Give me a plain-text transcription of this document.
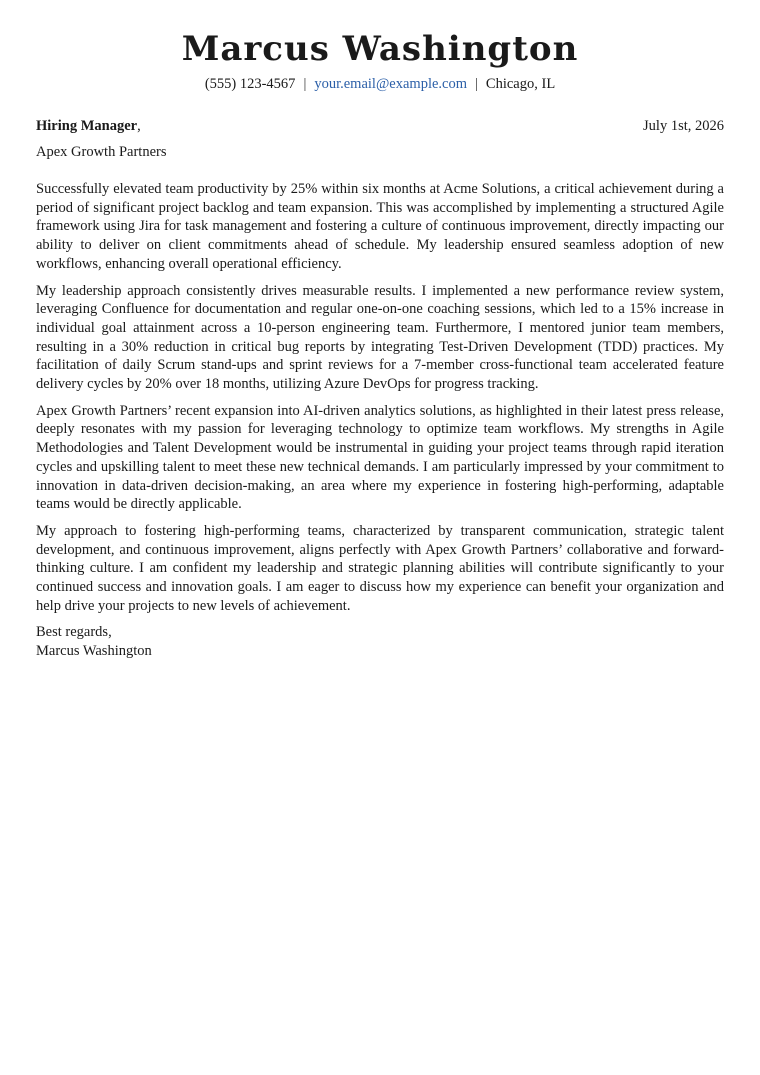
Marcus Washington
(555) 123-4567 | your.email@example.com | Chicago, IL
Hiring Manager,	July 1st, 2026
Apex Growth Partners

Successfully elevated team productivity by 25% within six months at Acme Solutions, a critical achievement during a period of significant project backlog and team expansion. This was accomplished by implementing a structured Agile framework using Jira for task management and fostering a culture of continuous improvement, directly impacting our ability to deliver on client commitments ahead of schedule. My leadership ensured seamless adoption of new workflows, enhancing overall operational efficiency.

My leadership approach consistently drives measurable results. I implemented a new performance review system, leveraging Confluence for documentation and regular one-on-one coaching sessions, which led to a 15% increase in individual goal attainment across a 10-person engineering team. Furthermore, I mentored junior team members, resulting in a 30% reduction in critical bug reports by integrating Test-Driven Development (TDD) practices. My facilitation of daily Scrum stand-ups and sprint reviews for a 7-member cross-functional team accelerated feature delivery cycles by 20% over 18 months, utilizing Azure DevOps for progress tracking.

Apex Growth Partners’ recent expansion into AI-driven analytics solutions, as highlighted in their latest press release, deeply resonates with my passion for leveraging technology to optimize team workflows. My strengths in Agile Methodologies and Talent Development would be instrumental in guiding your project teams through rapid iteration cycles and upskilling talent to meet these new technical demands. I am particularly impressed by your commitment to innovation in data-driven decision-making, an area where my experience in fostering high-performing, adaptable teams would be directly applicable.

My approach to fostering high-performing teams, characterized by transparent communication, strategic talent development, and continuous improvement, aligns perfectly with Apex Growth Partners’ collaborative and forward-thinking culture. I am confident my leadership and strategic planning abilities will contribute significantly to your continued success and innovation goals. I am eager to discuss how my experience can benefit your organization and help drive your projects to new levels of achievement.

Best regards,
Marcus Washington
